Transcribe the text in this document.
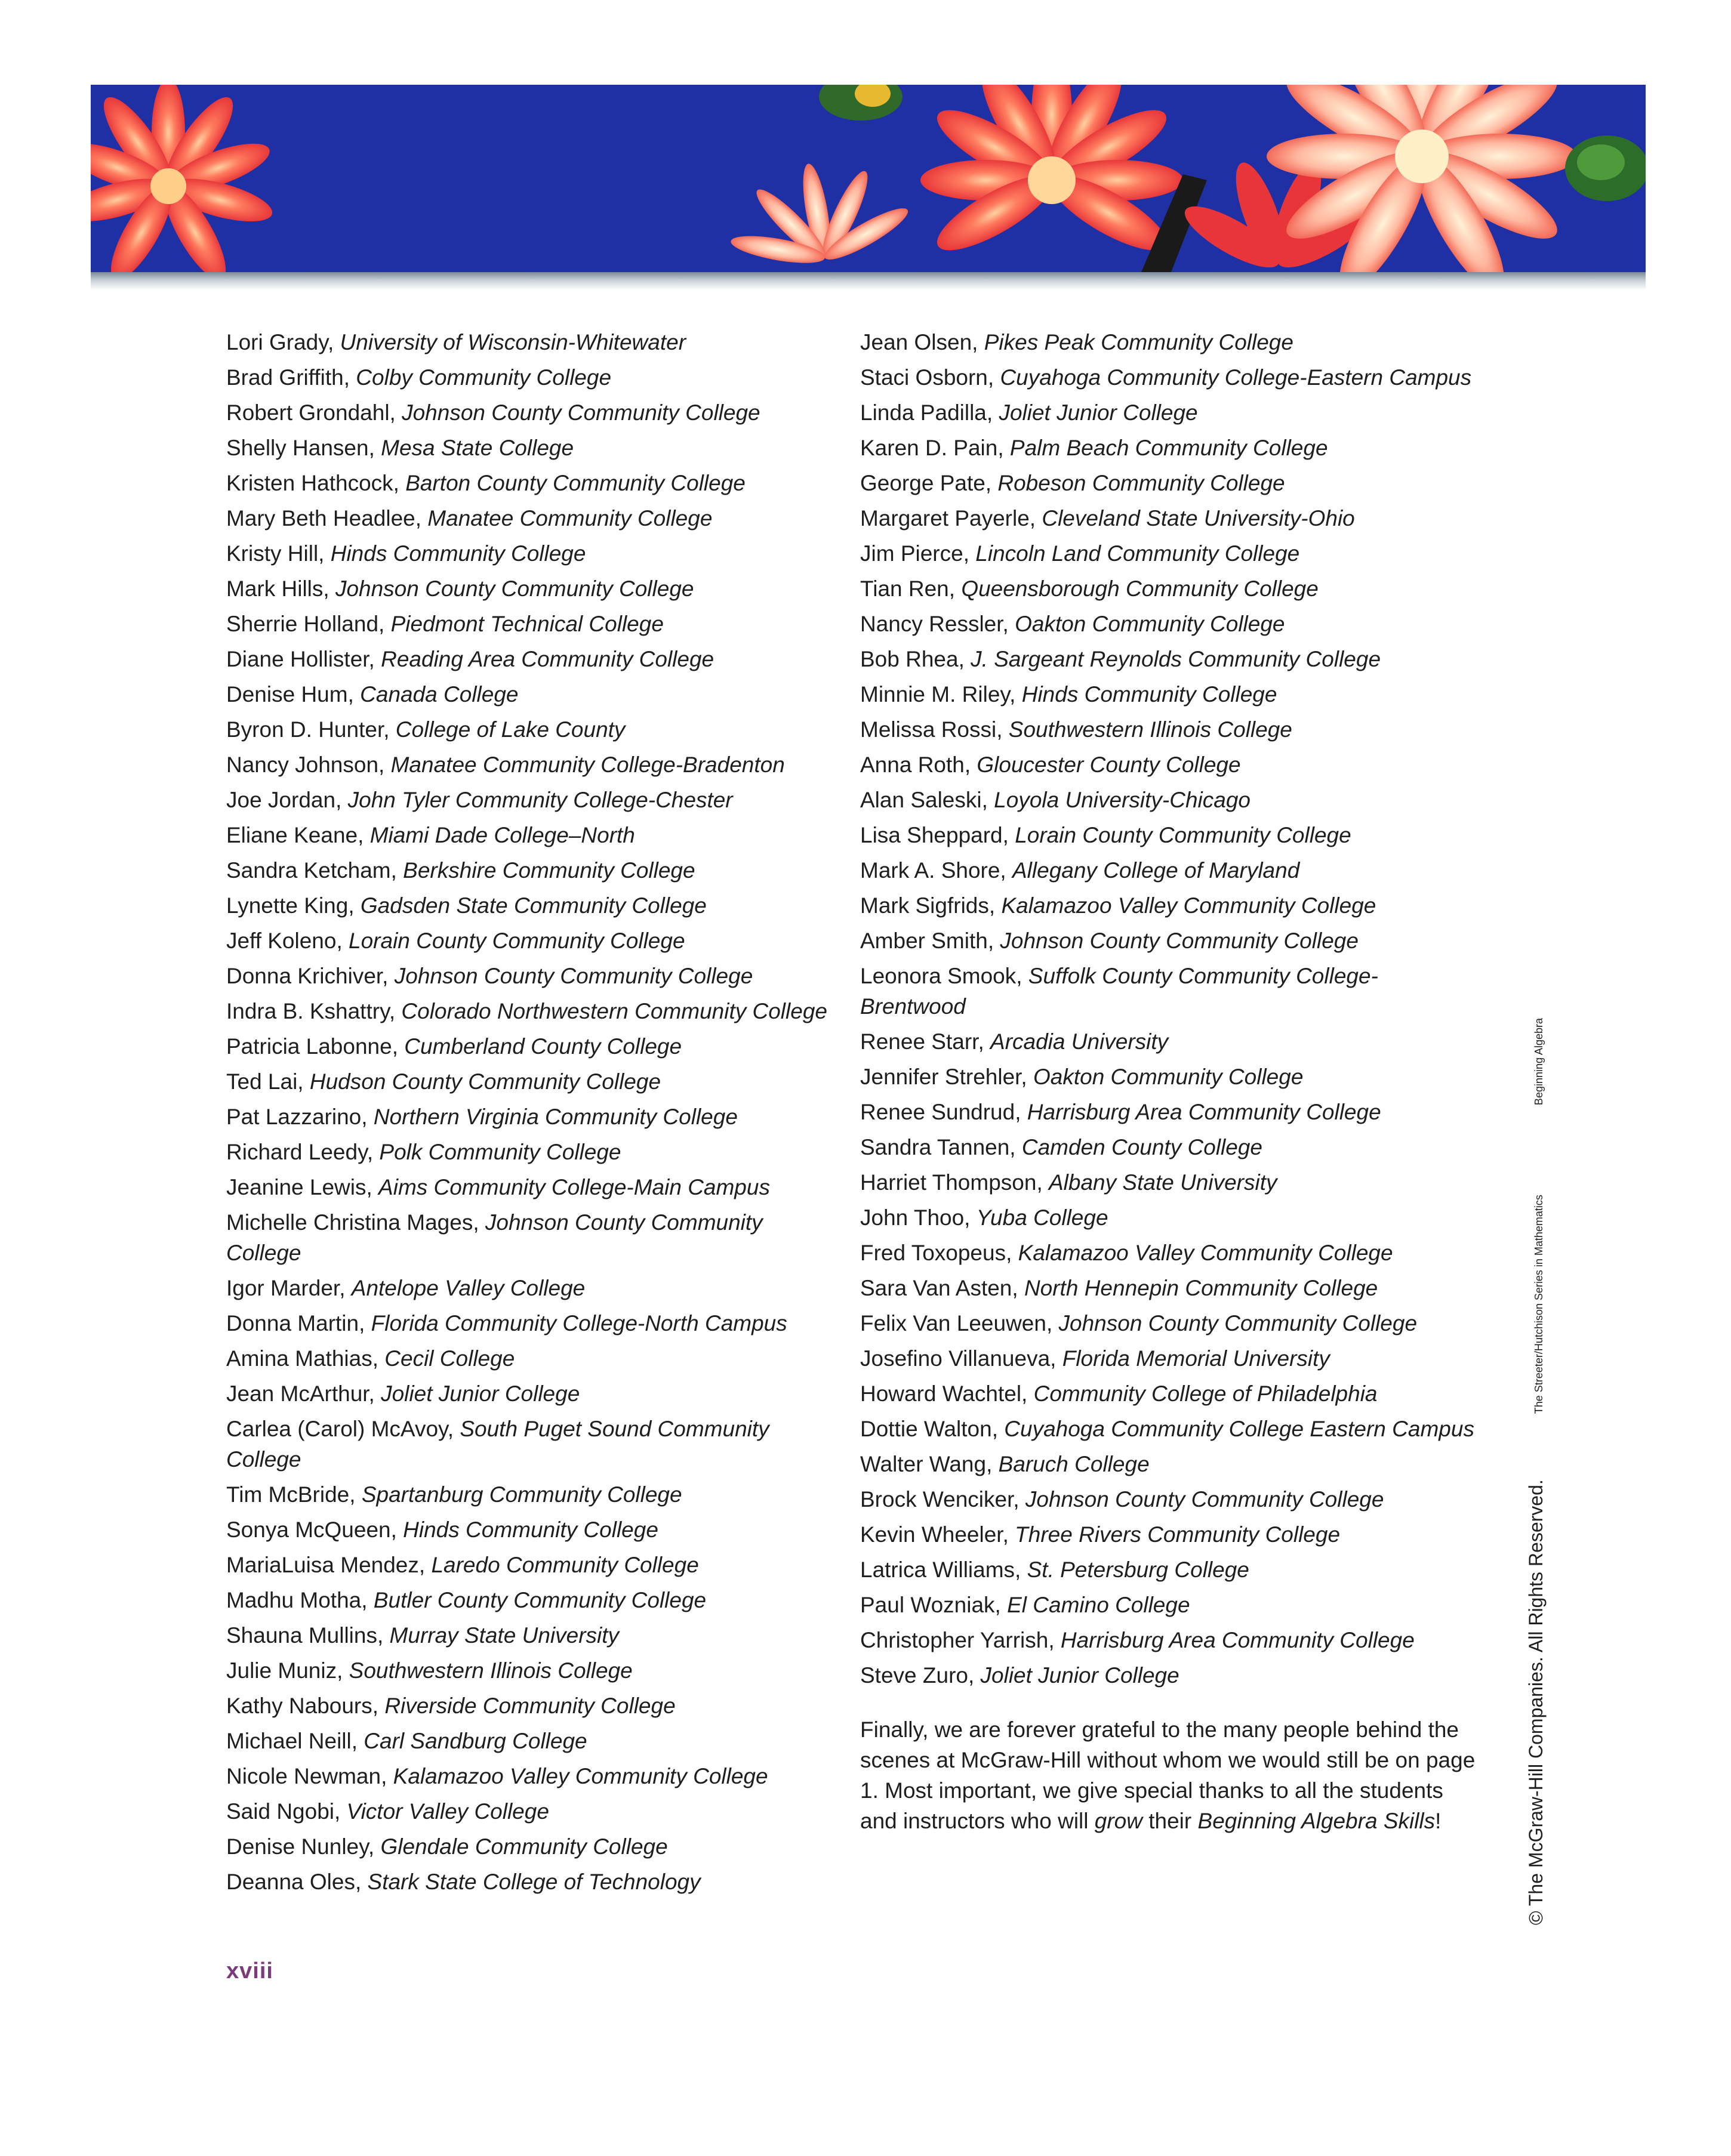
Lori Grady, University of Wisconsin-Whitewater
Brad Griffith, Colby Community College
Robert Grondahl, Johnson County Community College
Shelly Hansen, Mesa State College
Kristen Hathcock, Barton County Community College
Mary Beth Headlee, Manatee Community College
Kristy Hill, Hinds Community College
Mark Hills, Johnson County Community College
Sherrie Holland, Piedmont Technical College
Diane Hollister, Reading Area Community College
Denise Hum, Canada College
Byron D. Hunter, College of Lake County
Nancy Johnson, Manatee Community College-Bradenton
Joe Jordan, John Tyler Community College-Chester
Eliane Keane, Miami Dade College–North
Sandra Ketcham, Berkshire Community College
Lynette King, Gadsden State Community College
Jeff Koleno, Lorain County Community College
Donna Krichiver, Johnson County Community College
Indra B. Kshattry, Colorado Northwestern Community College
Patricia Labonne, Cumberland County College
Ted Lai, Hudson County Community College
Pat Lazzarino, Northern Virginia Community College
Richard Leedy, Polk Community College
Jeanine Lewis, Aims Community College-Main Campus
Michelle Christina Mages, Johnson County Community College
Igor Marder, Antelope Valley College
Donna Martin, Florida Community College-North Campus
Amina Mathias, Cecil College
Jean McArthur, Joliet Junior College
Carlea (Carol) McAvoy, South Puget Sound Community College
Tim McBride, Spartanburg Community College
Sonya McQueen, Hinds Community College
MariaLuisa Mendez, Laredo Community College
Madhu Motha, Butler County Community College
Shauna Mullins, Murray State University
Julie Muniz, Southwestern Illinois College
Kathy Nabours, Riverside Community College
Michael Neill, Carl Sandburg College
Nicole Newman, Kalamazoo Valley Community College
Said Ngobi, Victor Valley College
Denise Nunley, Glendale Community College
Deanna Oles, Stark State College of Technology
Jean Olsen, Pikes Peak Community College
Staci Osborn, Cuyahoga Community College-Eastern Campus
Linda Padilla, Joliet Junior College
Karen D. Pain, Palm Beach Community College
George Pate, Robeson Community College
Margaret Payerle, Cleveland State University-Ohio
Jim Pierce, Lincoln Land Community College
Tian Ren, Queensborough Community College
Nancy Ressler, Oakton Community College
Bob Rhea, J. Sargeant Reynolds Community College
Minnie M. Riley, Hinds Community College
Melissa Rossi, Southwestern Illinois College
Anna Roth, Gloucester County College
Alan Saleski, Loyola University-Chicago
Lisa Sheppard, Lorain County Community College
Mark A. Shore, Allegany College of Maryland
Mark Sigfrids, Kalamazoo Valley Community College
Amber Smith, Johnson County Community College
Leonora Smook, Suffolk County Community College-Brentwood
Renee Starr, Arcadia University
Jennifer Strehler, Oakton Community College
Renee Sundrud, Harrisburg Area Community College
Sandra Tannen, Camden County College
Harriet Thompson, Albany State University
John Thoo, Yuba College
Fred Toxopeus, Kalamazoo Valley Community College
Sara Van Asten, North Hennepin Community College
Felix Van Leeuwen, Johnson County Community College
Josefino Villanueva, Florida Memorial University
Howard Wachtel, Community College of Philadelphia
Dottie Walton, Cuyahoga Community College Eastern Campus
Walter Wang, Baruch College
Brock Wenciker, Johnson County Community College
Kevin Wheeler, Three Rivers Community College
Latrica Williams, St. Petersburg College
Paul Wozniak, El Camino College
Christopher Yarrish, Harrisburg Area Community College
Steve Zuro, Joliet Junior College
Finally, we are forever grateful to the many people behind the scenes at McGraw-Hill without whom we would still be on page 1. Most important, we give special thanks to all the students and instructors who will grow their Beginning Algebra Skills!
xviii
© The McGraw-Hill Companies. All Rights Reserved.
The Streeter/Hutchison Series in Mathematics
Beginning Algebra
